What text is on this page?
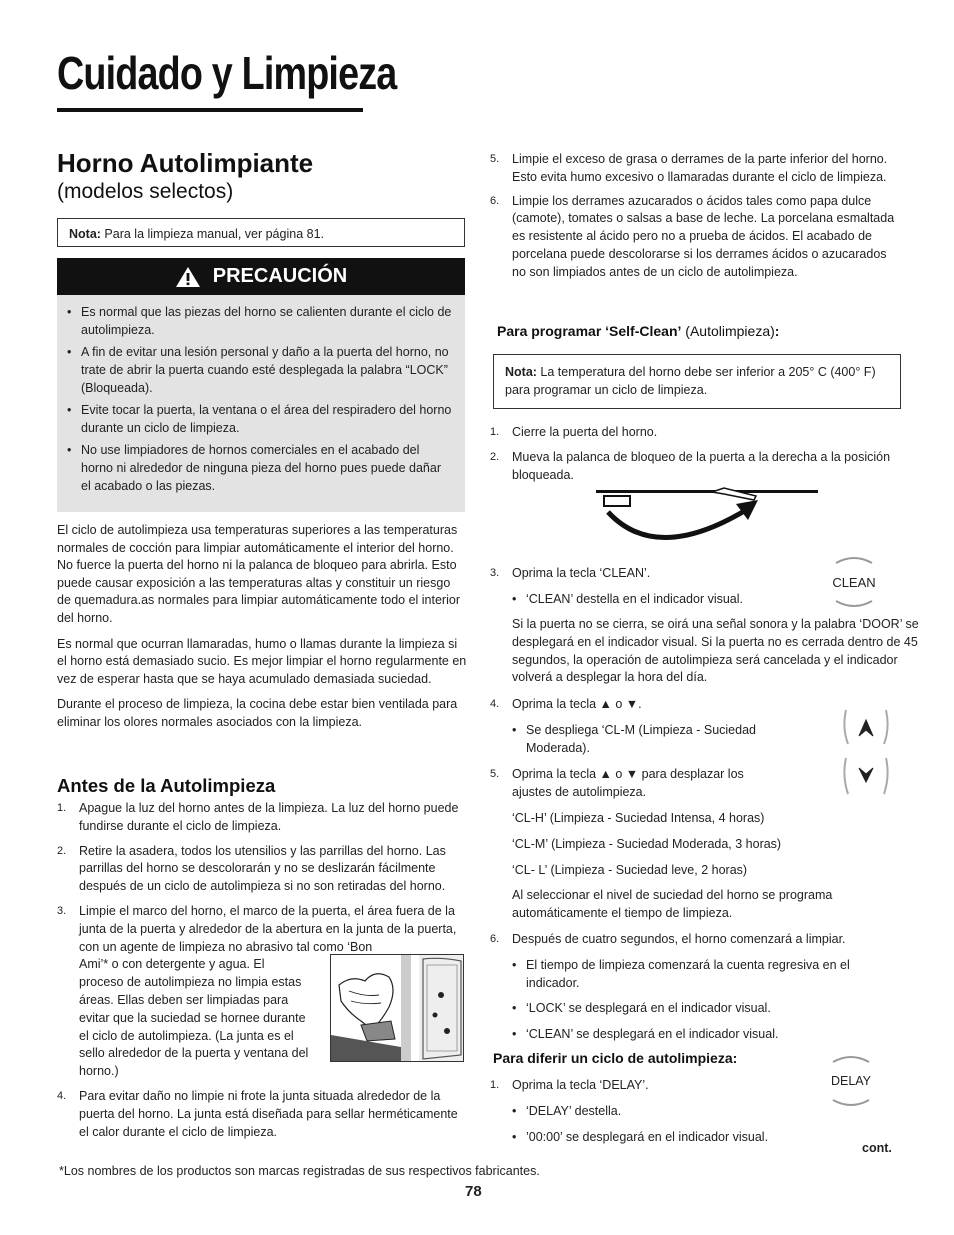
Cuidado y Limpieza
Horno Autolimpiante
(modelos selectos)
Nota: Para la limpieza manual, ver página 81.
PRECAUCIÓN
• Es normal que las piezas del horno se calienten durante el ciclo de autolimpieza.
• A fin de evitar una lesión personal y daño a la puerta del horno, no trate de abrir la puerta cuando esté desplegada la palabra “LOCK” (Bloqueada).
• Evite tocar la puerta, la ventana o el área del respiradero del horno durante un ciclo de limpieza.
• No use limpiadores de hornos comerciales en el acabado del horno ni alrededor de ninguna pieza del horno pues puede dañar el acabado o las piezas.

El ciclo de autolimpieza usa temperaturas superiores a las temperaturas normales de cocción para limpiar automáticamente el interior del horno. No fuerce la puerta del horno ni la palanca de bloqueo para abrirla. Esto puede causar exposición a las temperaturas altas y constituir un riesgo de quemadura.as normales para limpiar automáticamente todo el interior del horno.

Es normal que ocurran llamaradas, humo o llamas durante la limpieza si el horno está demasiado sucio. Es mejor limpiar el horno regularmente en vez de esperar hasta que se haya acumulado demasiada suciedad.

Durante el proceso de limpieza, la cocina debe estar bien ventilada para eliminar los olores normales asociados con la limpieza.

Antes de la Autolimpieza
1. Apague la luz del horno antes de la limpieza. La luz del horno puede fundirse durante el ciclo de limpieza.
2. Retire la asadera, todos los utensilios y las parrillas del horno. Las parrillas del horno se descolorarán y no se deslizarán fácilmente después de un ciclo de autolimpieza si no son retiradas del horno.
3. Limpie el marco del horno, el marco de la puerta, el área fuera de la junta de la puerta y alrededor de la abertura en la junta de la puerta, con un agente de limpieza no abrasivo tal como ‘Bon

Ami’* o con detergente y agua. El proceso de autolimpieza no limpia estas áreas. Ellas deben ser limpiadas para evitar que la suciedad se hornee durante el ciclo de autolimpieza. (La junta es el sello alrededor de la puerta y ventana del horno.)
4. Para evitar daño no limpie ni frote la junta situada alrededor de la puerta del horno. La junta está diseñada para sellar herméticamente el calor durante el ciclo de limpieza.
5. Limpie el exceso de grasa o derrames de la parte inferior del horno. Esto evita humo excesivo o llamaradas durante el ciclo de limpieza.
6. Limpie los derrames azucarados o ácidos tales como papa dulce (camote), tomates o salsas a base de leche. La porcelana esmaltada es resistente al ácido pero no a prueba de ácidos. El acabado de porcelana puede descolorarse si los derrames ácidos o azucarados no son limpiados antes de un ciclo de autolimpieza.
Para programar ‘Self-Clean’ (Autolimpieza):
Nota: La temperatura del horno debe ser inferior a 205° C (400° F) para programar un ciclo de limpieza.
1. Cierre la puerta del horno.
2. Mueva la palanca de bloqueo de la puerta a la derecha a la posición bloqueada.
3. Oprima la tecla ‘CLEAN’.
• ‘CLEAN’ destella en el indicador visual.
Si la puerta no se cierra, se oirá una señal sonora y la palabra ‘DOOR’ se desplegará en el indicador visual. Si la puerta no es cerrada dentro de 45 segundos, la operación de autolimpieza será cancelada y el indicador volverá a desplegar la hora del día.
CLEAN
4. Oprima la tecla ▲ o ▼.
• Se despliega ‘CL-M (Limpieza - Suciedad Moderada).
5. Oprima la tecla ▲ o ▼ para desplazar los ajustes de autolimpieza.
‘CL-H’ (Limpieza - Suciedad Intensa, 4 horas)
‘CL-M’ (Limpieza - Suciedad Moderada, 3 horas)
‘CL- L’ (Limpieza - Suciedad leve, 2 horas)
Al seleccionar el nivel de suciedad del horno se programa automáticamente el tiempo de limpieza.
6. Después de cuatro segundos, el horno comenzará a limpiar.
• El tiempo de limpieza comenzará la cuenta regresiva en el indicador.
• ‘LOCK’ se desplegará en el indicador visual.
• ‘CLEAN’ se desplegará en el indicador visual.
Para diferir un ciclo de autolimpieza:
1. Oprima la tecla ‘DELAY’.
• ‘DELAY’ destella.
• ’00:00’ se desplegará en el indicador visual.
DELAY
cont.
*Los nombres de los productos son marcas registradas de sus respectivos fabricantes.
78
